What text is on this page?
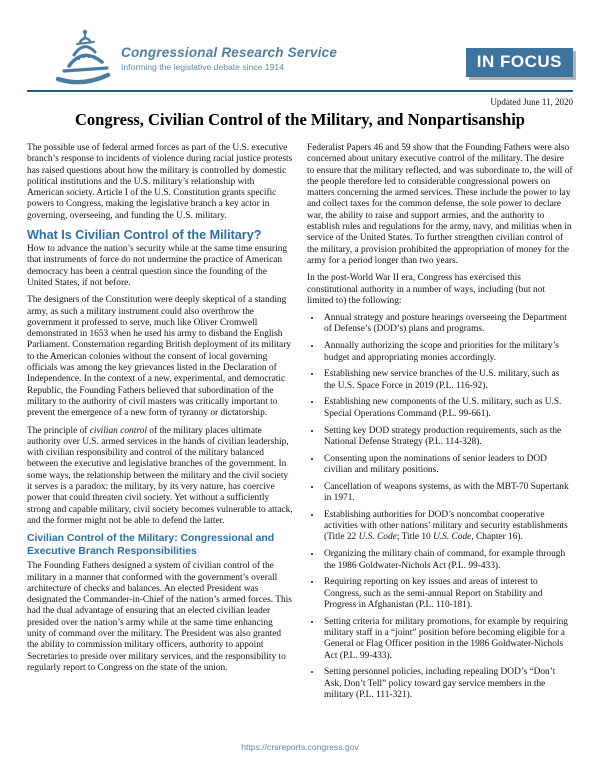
Congressional Research Service
Informing the legislative debate since 1914	IN FOCUS
Updated June 11, 2020
Congress, Civilian Control of the Military, and Nonpartisanship

The possible use of federal armed forces as part of the U.S. executive branch’s response to incidents of violence during racial justice protests has raised questions about how the military is controlled by domestic political institutions and the U.S. military’s relationship with American society. Article I of the U.S. Constitution grants specific powers to Congress, making the legislative branch a key actor in governing, overseeing, and funding the U.S. military.

What Is Civilian Control of the Military?

How to advance the nation’s security while at the same time ensuring that instruments of force do not undermine the practice of American democracy has been a central question since the founding of the United States, if not before.

The designers of the Constitution were deeply skeptical of a standing army, as such a military instrument could also overthrow the government it professed to serve, much like Oliver Cromwell demonstrated in 1653 when he used his army to disband the English Parliament. Consternation regarding British deployment of its military to the American colonies without the consent of local governing officials was among the key grievances listed in the Declaration of Independence. In the context of a new, experimental, and democratic Republic, the Founding Fathers believed that subordination of the military to the authority of civil masters was critically important to prevent the emergence of a new form of tyranny or dictatorship.

The principle of civilian control of the military places ultimate authority over U.S. armed services in the hands of civilian leadership, with civilian responsibility and control of the military balanced between the executive and legislative branches of the government. In some ways, the relationship between the military and the civil society it serves is a paradox: the military, by its very nature, has coercive power that could threaten civil society. Yet without a sufficiently strong and capable military, civil society becomes vulnerable to attack, and the former might not be able to defend the latter.

Civilian Control of the Military: Congressional and Executive Branch Responsibilities

The Founding Fathers designed a system of civilian control of the military in a manner that conformed with the government’s overall architecture of checks and balances. An elected President was designated the Commander-in-Chief of the nation’s armed forces. This had the dual advantage of ensuring that an elected civilian leader presided over the nation’s army while at the same time enhancing unity of command over the military. The President was also granted the ability to commission military officers, authority to appoint Secretaries to preside over military services, and the responsibility to regularly report to Congress on the state of the union.

Federalist Papers 46 and 59 show that the Founding Fathers were also concerned about unitary executive control of the military. The desire to ensure that the military reflected, and was subordinate to, the will of the people therefore led to considerable congressional powers on matters concerning the armed services. These include the power to lay and collect taxes for the common defense, the sole power to declare war, the ability to raise and support armies, and the authority to establish rules and regulations for the army, navy, and militias when in service of the United States. To further strengthen civilian control of the military, a provision prohibited the appropriation of money for the army for a period longer than two years.

In the post-World War II era, Congress has exercised this constitutional authority in a number of ways, including (but not limited to) the following:

• Annual strategy and posture hearings overseeing the Department of Defense’s (DOD’s) plans and programs.
• Annually authorizing the scope and priorities for the military’s budget and appropriating monies accordingly.
• Establishing new service branches of the U.S. military, such as the U.S. Space Force in 2019 (P.L. 116-92).
• Establishing new components of the U.S. military, such as U.S. Special Operations Command (P.L. 99-661).
• Setting key DOD strategy production requirements, such as the National Defense Strategy (P.L. 114-328).
• Consenting upon the nominations of senior leaders to DOD civilian and military positions.
• Cancellation of weapons systems, as with the MBT-70 Supertank in 1971.
• Establishing authorities for DOD’s noncombat cooperative activities with other nations’ military and security establishments (Title 22 U.S. Code; Title 10 U.S. Code, Chapter 16).
• Organizing the military chain of command, for example through the 1986 Goldwater-Nichols Act (P.L. 99-433).
• Requiring reporting on key issues and areas of interest to Congress, such as the semi-annual Report on Stability and Progress in Afghanistan (P.L. 110-181).
• Setting criteria for military promotions, for example by requiring military staff in a “joint” position before becoming eligible for a General or Flag Officer position in the 1986 Goldwater-Nichols Act (P.L. 99-433).
• Setting personnel policies, including repealing DOD’s “Don’t Ask, Don’t Tell” policy toward gay service members in the military (P.L. 111-321).
https://crsreports.congress.gov
